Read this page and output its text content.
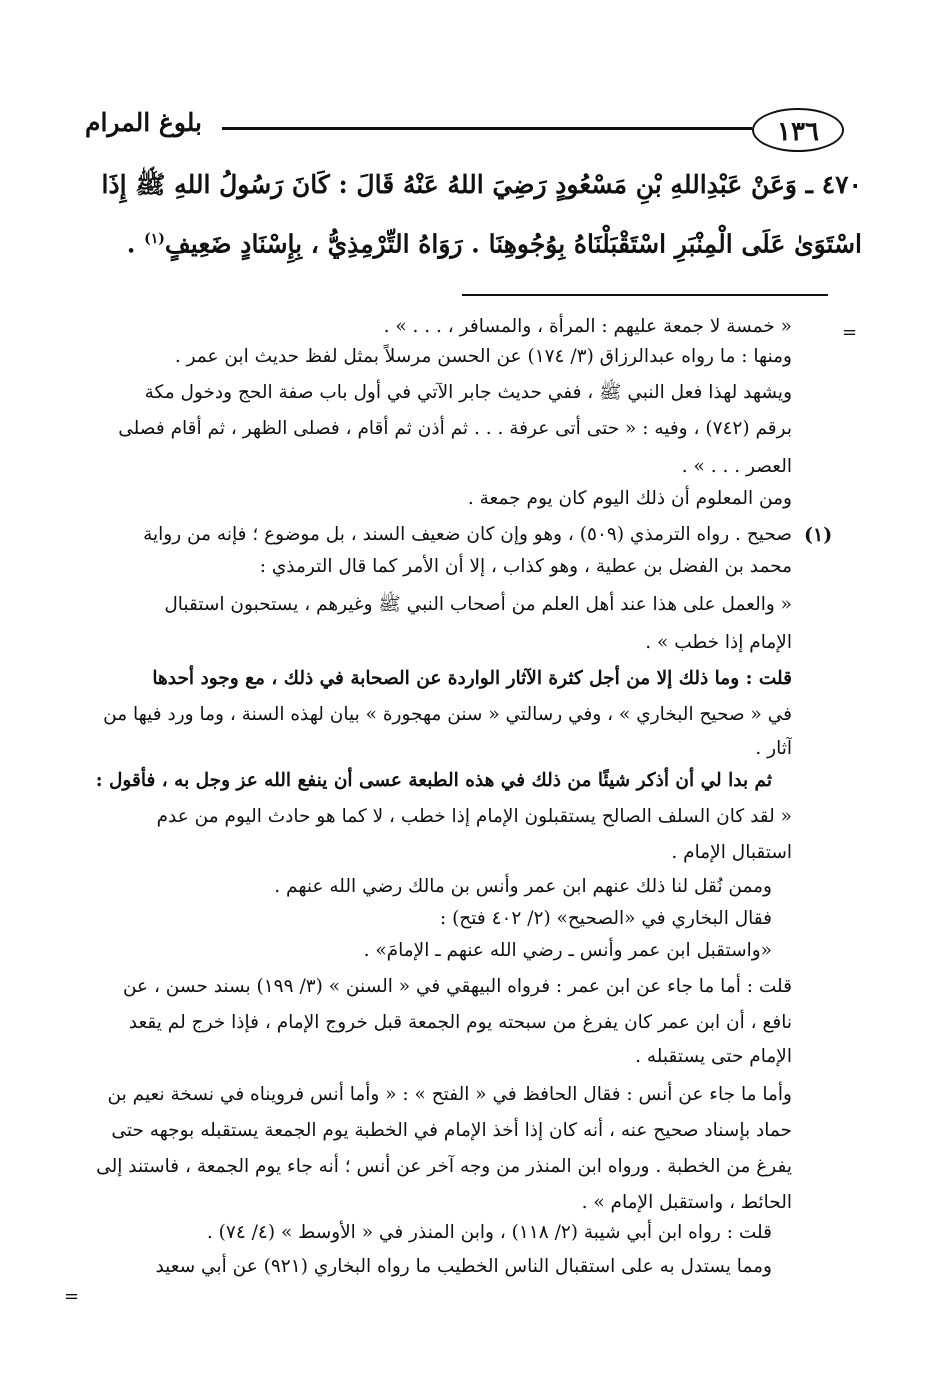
١٣٦
بلوغ المرام
٤٧٠ ـ وَعَنْ عَبْدِاللهِ بْنِ مَسْعُودٍ رَضِيَ اللهُ عَنْهُ قَالَ : كَانَ رَسُولُ اللهِ ﷺ إِذَا
اسْتَوَىٰ عَلَى الْمِنْبَرِ اسْتَقْبَلْنَاهُ بِوُجُوهِنَا . رَوَاهُ التِّرْمِذِيُّ ، بِإِسْنَادٍ ضَعِيفٍ$^{(١)}$ .
=
(١)
« خمسة لا جمعة عليهم : المرأة ، والمسافر ، . . . » .
ومنها : ما رواه عبدالرزاق (٣/ ١٧٤) عن الحسن مرسلاً بمثل لفظ حديث ابن عمر .
ويشهد لهذا فعل النبي ﷺ ، ففي حديث جابر الآتي في أول باب صفة الحج ودخول مكة
برقم (٧٤٢) ، وفيه : « حتى أتى عرفة . . . ثم أذن ثم أقام ، فصلى الظهر ، ثم أقام فصلى
العصر . . . » .
ومن المعلوم أن ذلك اليوم كان يوم جمعة .
صحيح . رواه الترمذي (٥٠٩) ، وهو وإن كان ضعيف السند ، بل موضوع ؛ فإنه من رواية
محمد بن الفضل بن عطية ، وهو كذاب ، إلا أن الأمر كما قال الترمذي :
« والعمل على هذا عند أهل العلم من أصحاب النبي ﷺ وغيرهم ، يستحبون استقبال
الإمام إذا خطب » .
قلت : وما ذلك إلا من أجل كثرة الآثار الواردة عن الصحابة في ذلك ، مع وجود أحدها
في « صحيح البخاري » ، وفي رسالتي « سنن مهجورة » بيان لهذه السنة ، وما ورد فيها من
آثار .
ثم بدا لي أن أذكر شيئًا من ذلك في هذه الطبعة عسى أن ينفع الله عز وجل به ، فأقول :
« لقد كان السلف الصالح يستقبلون الإمام إذا خطب ، لا كما هو حادث اليوم من عدم
استقبال الإمام .
وممن نُقل لنا ذلك عنهم ابن عمر وأنس بن مالك رضي الله عنهم .
فقال البخاري في «الصحيح» (٢/ ٤٠٢ فتح) :
«واستقبل ابن عمر وأنس ـ رضي الله عنهم ـ الإمامَ» .
قلت : أما ما جاء عن ابن عمر : فرواه البيهقي في « السنن » (٣/ ١٩٩) بسند حسن ، عن
نافع ، أن ابن عمر كان يفرغ من سبحته يوم الجمعة قبل خروج الإمام ، فإذا خرج لم يقعد
الإمام حتى يستقبله .
وأما ما جاء عن أنس : فقال الحافظ في « الفتح » : « وأما أنس فرويناه في نسخة نعيم بن
حماد بإسناد صحيح عنه ، أنه كان إذا أخذ الإمام في الخطبة يوم الجمعة يستقبله بوجهه حتى
يفرغ من الخطبة . ورواه ابن المنذر من وجه آخر عن أنس ؛ أنه جاء يوم الجمعة ، فاستند إلى
الحائط ، واستقبل الإمام » .
قلت : رواه ابن أبي شيبة (٢/ ١١٨) ، وابن المنذر في « الأوسط » (٤/ ٧٤) .
ومما يستدل به على استقبال الناس الخطيب ما رواه البخاري (٩٢١) عن أبي سعيد
=
